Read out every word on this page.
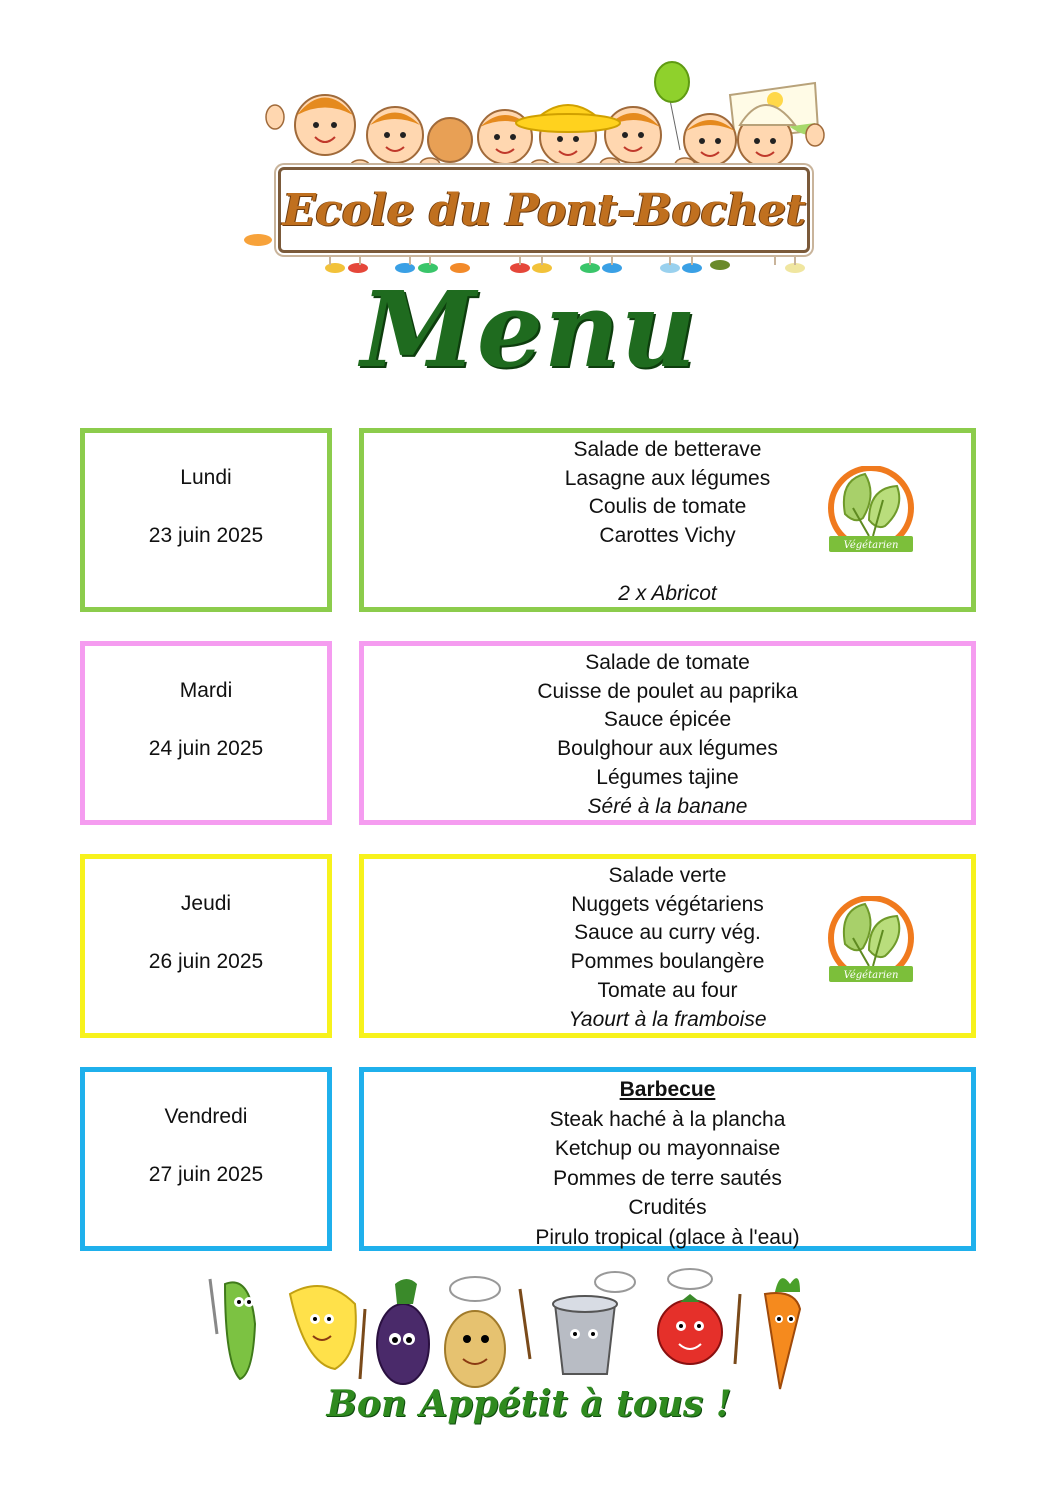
Ecole du Pont-Bochet
Menu
Lundi
23 juin 2025
Salade de betterave
Lasagne aux légumes
Coulis de tomate
Carottes Vichy
2 x Abricot
Végétarien
Mardi
24 juin 2025
Salade de tomate
Cuisse de poulet au paprika
Sauce épicée
Boulghour aux légumes
Légumes tajine
Séré à la banane
Jeudi
26 juin 2025
Salade verte
Nuggets végétariens
Sauce au curry vég.
Pommes boulangère
Tomate au four
Yaourt à la framboise
Végétarien
Vendredi
27 juin 2025
Barbecue
Steak haché à la plancha
Ketchup ou mayonnaise
Pommes de terre sautés
Crudités
Pirulo tropical (glace à l'eau)
Bon Appétit à tous !
